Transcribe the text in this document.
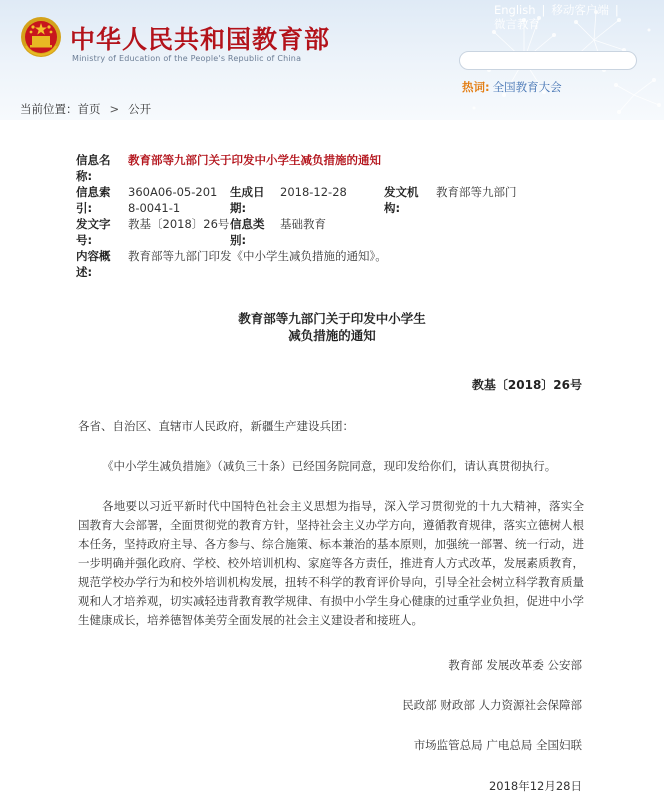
中华人民共和国教育部
Ministry of Education of the People's Republic of China
English | 移动客户端 |
微言教育
热词: 全国教育大会
当前位置：首页 > 公开
信息名称:
教育部等九部门关于印发中小学生减负措施的通知
信息索引:
360A06-05-2018-0041-1
生成日期:
2018-12-28	发文机构:
教育部等九部门
发文字号:
教基〔2018〕26号 信息类别:
基础教育
内容概述:
教育部等九部门印发《中小学生减负措施的通知》。
教育部等九部门关于印发中小学生
减负措施的通知
教基〔2018〕26号
各省、自治区、直辖市人民政府，新疆生产建设兵团：
《中小学生减负措施》（减负三十条）已经国务院同意，现印发给你们，请认真贯彻执行。
各地要以习近平新时代中国特色社会主义思想为指导，深入学习贯彻党的十九大精神，落实全国教育大会部署，全面贯彻党的教育方针，坚持社会主义办学方向，遵循教育规律，落实立德树人根本任务，坚持政府主导、各方参与、综合施策、标本兼治的基本原则，加强统一部署、统一行动，进一步明确并强化政府、学校、校外培训机构、家庭等各方责任，推进育人方式改革，发展素质教育，规范学校办学行为和校外培训机构发展，扭转不科学的教育评价导向，引导全社会树立科学教育质量观和人才培养观，切实减轻违背教育教学规律、有损中小学生身心健康的过重学业负担，促进中小学生健康成长，培养德智体美劳全面发展的社会主义建设者和接班人。
教育部 发展改革委 公安部
民政部 财政部 人力资源社会保障部
市场监管总局 广电总局 全国妇联
2018年12月28日
